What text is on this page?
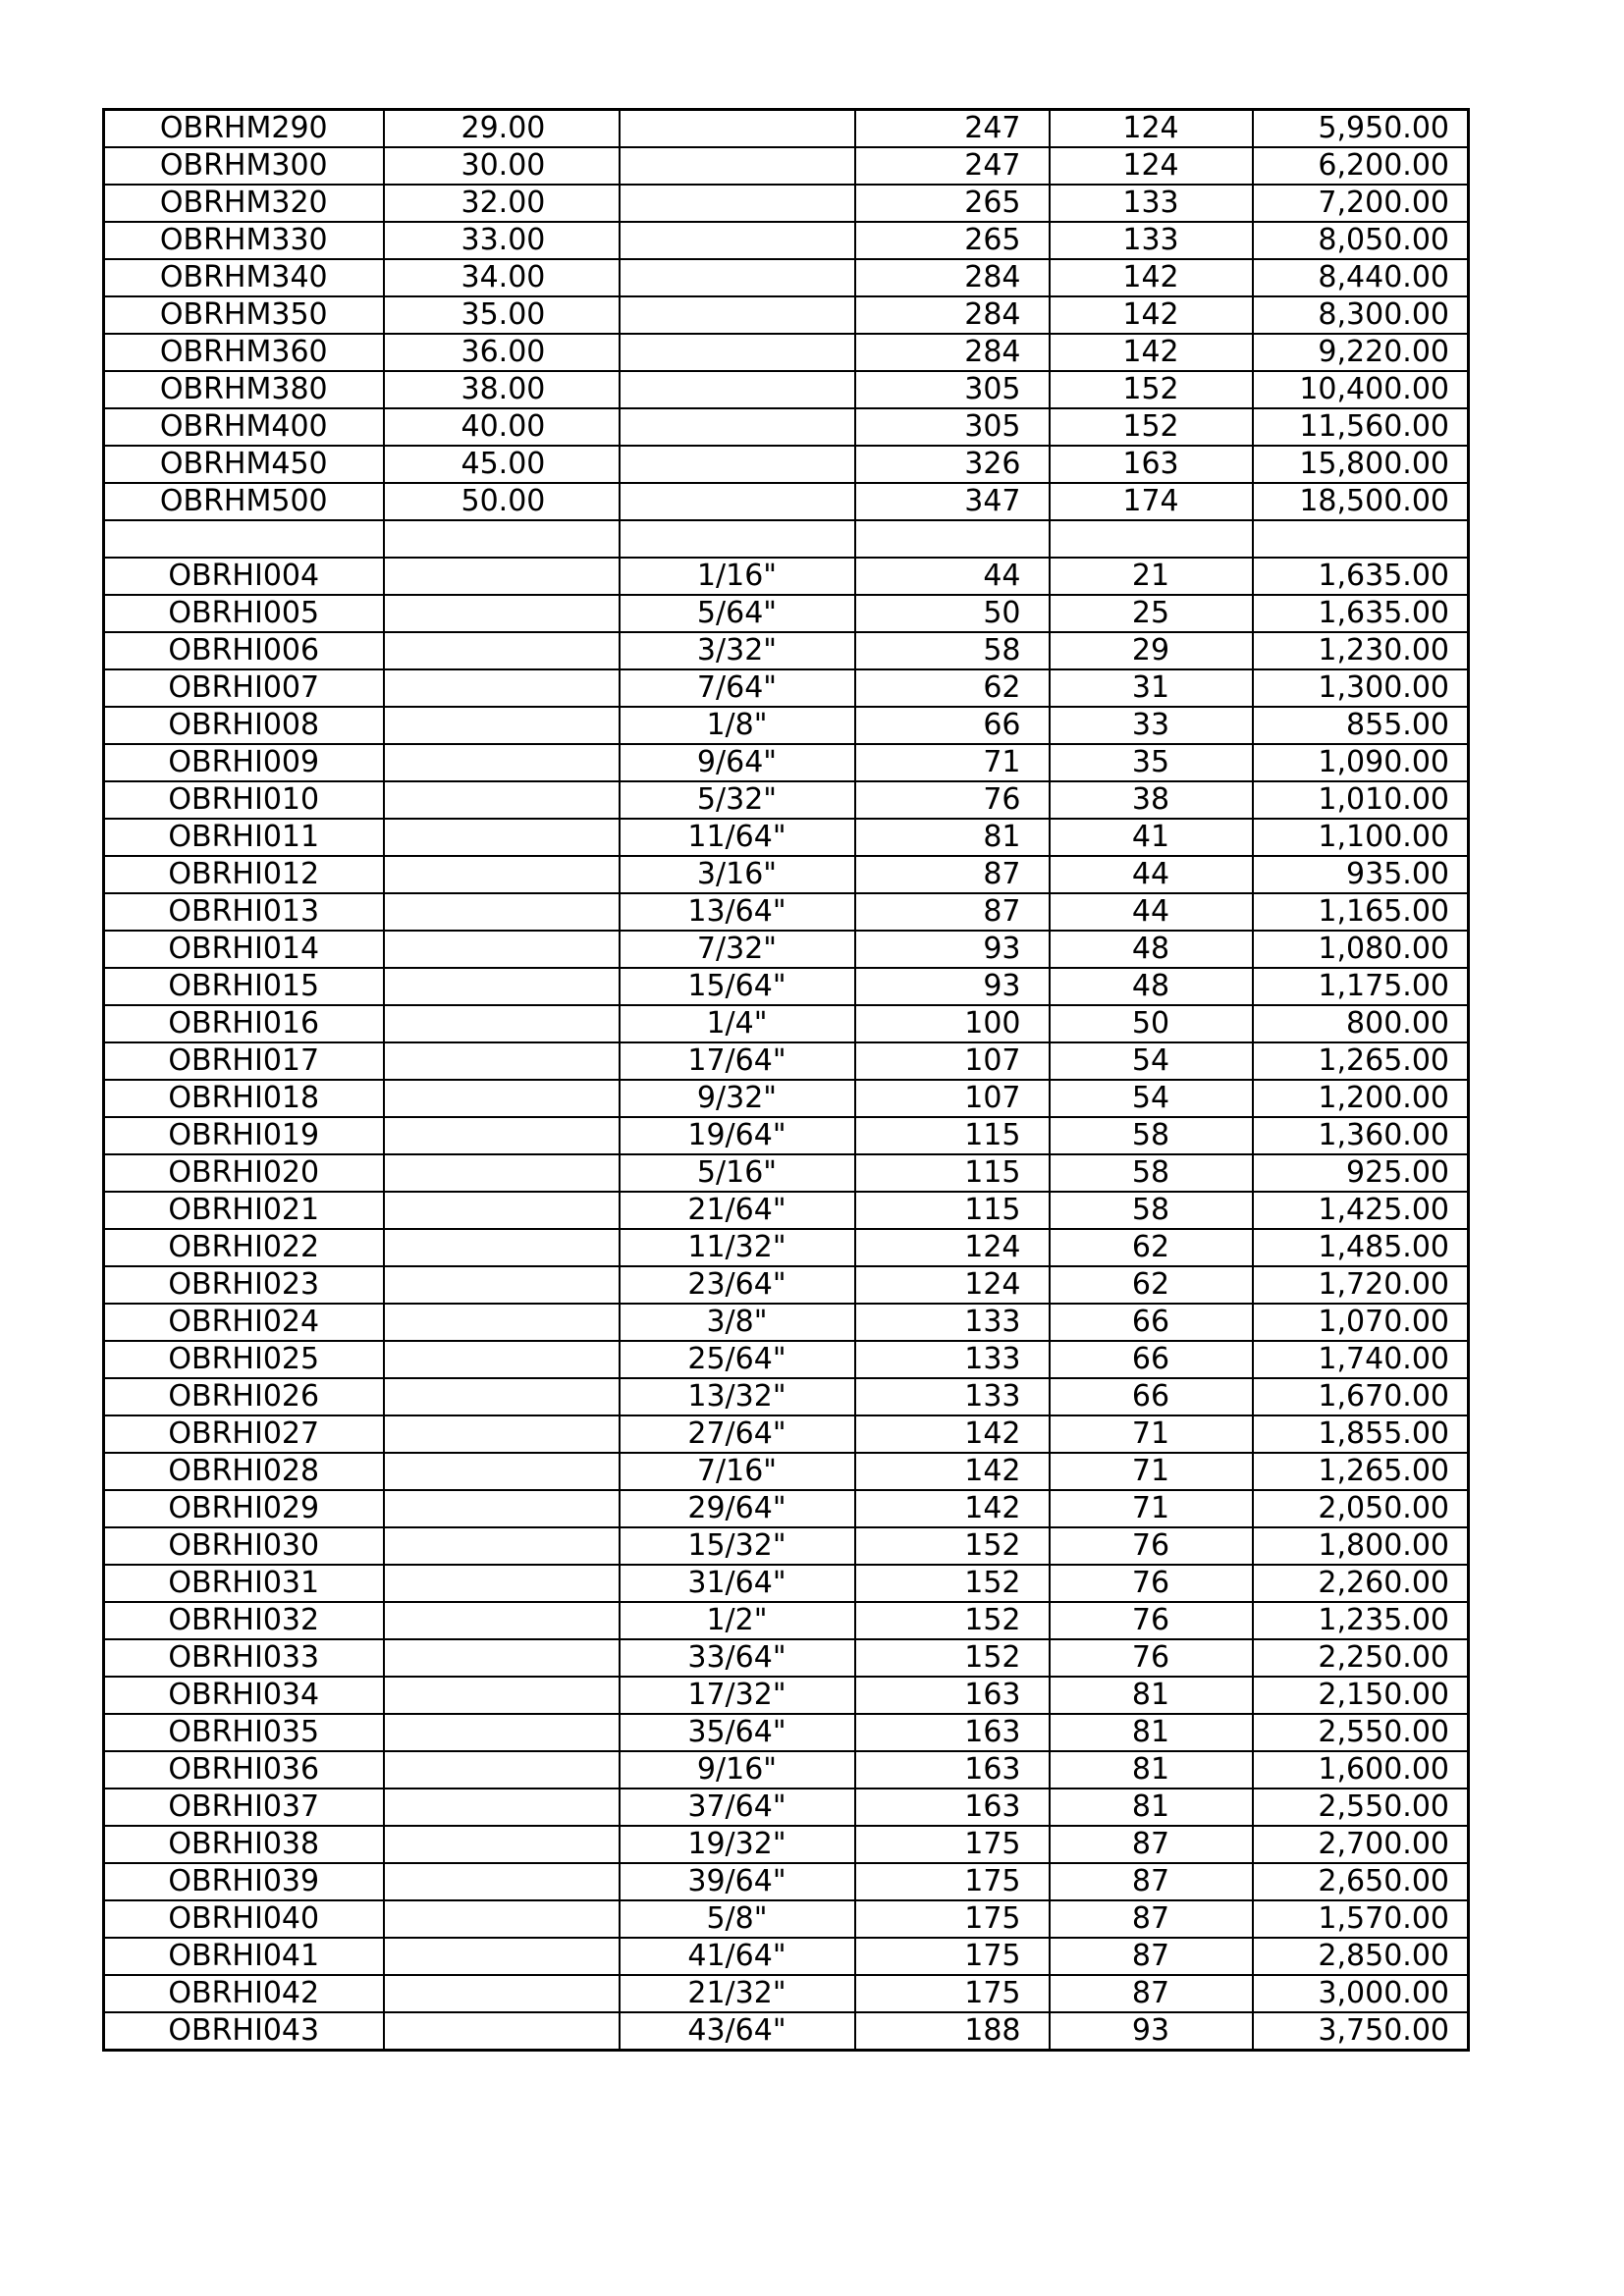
OBRHM290	29.00		247	124	5,950.00
OBRHM300	30.00		247	124	6,200.00
OBRHM320	32.00		265	133	7,200.00
OBRHM330	33.00		265	133	8,050.00
OBRHM340	34.00		284	142	8,440.00
OBRHM350	35.00		284	142	8,300.00
OBRHM360	36.00		284	142	9,220.00
OBRHM380	38.00		305	152	10,400.00
OBRHM400	40.00		305	152	11,560.00
OBRHM450	45.00		326	163	15,800.00
OBRHM500	50.00		347	174	18,500.00

OBRHI004		1/16"	44	21	1,635.00
OBRHI005		5/64"	50	25	1,635.00
OBRHI006		3/32"	58	29	1,230.00
OBRHI007		7/64"	62	31	1,300.00
OBRHI008		1/8"	66	33	855.00
OBRHI009		9/64"	71	35	1,090.00
OBRHI010		5/32"	76	38	1,010.00
OBRHI011		11/64"	81	41	1,100.00
OBRHI012		3/16"	87	44	935.00
OBRHI013		13/64"	87	44	1,165.00
OBRHI014		7/32"	93	48	1,080.00
OBRHI015		15/64"	93	48	1,175.00
OBRHI016		1/4"	100	50	800.00
OBRHI017		17/64"	107	54	1,265.00
OBRHI018		9/32"	107	54	1,200.00
OBRHI019		19/64"	115	58	1,360.00
OBRHI020		5/16"	115	58	925.00
OBRHI021		21/64"	115	58	1,425.00
OBRHI022		11/32"	124	62	1,485.00
OBRHI023		23/64"	124	62	1,720.00
OBRHI024		3/8"	133	66	1,070.00
OBRHI025		25/64"	133	66	1,740.00
OBRHI026		13/32"	133	66	1,670.00
OBRHI027		27/64"	142	71	1,855.00
OBRHI028		7/16"	142	71	1,265.00
OBRHI029		29/64"	142	71	2,050.00
OBRHI030		15/32"	152	76	1,800.00
OBRHI031		31/64"	152	76	2,260.00
OBRHI032		1/2"	152	76	1,235.00
OBRHI033		33/64"	152	76	2,250.00
OBRHI034		17/32"	163	81	2,150.00
OBRHI035		35/64"	163	81	2,550.00
OBRHI036		9/16"	163	81	1,600.00
OBRHI037		37/64"	163	81	2,550.00
OBRHI038		19/32"	175	87	2,700.00
OBRHI039		39/64"	175	87	2,650.00
OBRHI040		5/8"	175	87	1,570.00
OBRHI041		41/64"	175	87	2,850.00
OBRHI042		21/32"	175	87	3,000.00
OBRHI043		43/64"	188	93	3,750.00
